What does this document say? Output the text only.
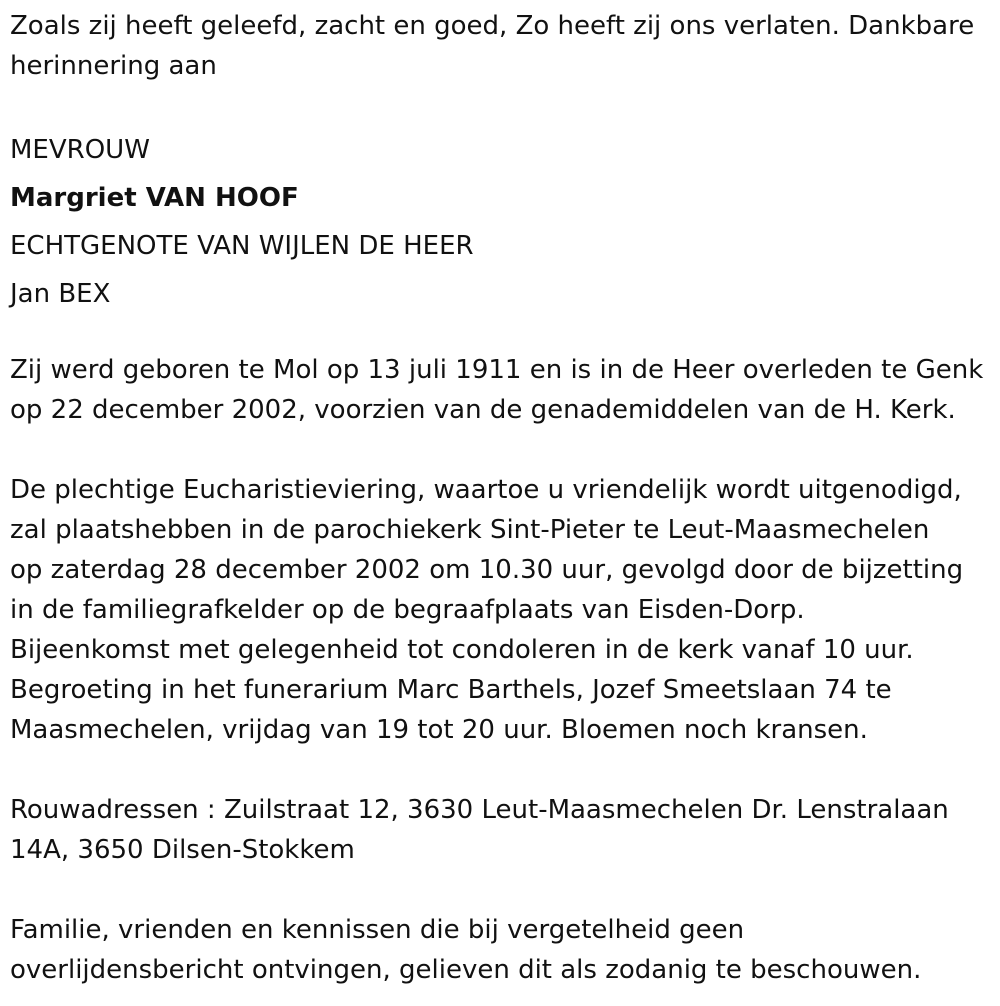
Zoals zij heeft geleefd, zacht en goed, Zo heeft zij ons verlaten. Dankbare
herinnering aan
MEVROUW
Margriet VAN HOOF
ECHTGENOTE VAN WIJLEN DE HEER
Jan BEX
Zij werd geboren te Mol op 13 juli 1911 en is in de Heer overleden te Genk
op 22 december 2002, voorzien van de genademiddelen van de H. Kerk.
De plechtige Eucharistieviering, waartoe u vriendelijk wordt uitgenodigd,
zal plaatshebben in de parochiekerk Sint-Pieter te Leut-Maasmechelen
op zaterdag 28 december 2002 om 10.30 uur, gevolgd door de bijzetting
in de familiegrafkelder op de begraafplaats van Eisden-Dorp.
Bijeenkomst met gelegenheid tot condoleren in de kerk vanaf 10 uur.
Begroeting in het funerarium Marc Barthels, Jozef Smeetslaan 74 te
Maasmechelen, vrijdag van 19 tot 20 uur. Bloemen noch kransen.
Rouwadressen : Zuilstraat 12, 3630 Leut-Maasmechelen Dr. Lenstralaan
14A, 3650 Dilsen-Stokkem
Familie, vrienden en kennissen die bij vergetelheid geen
overlijdensbericht ontvingen, gelieven dit als zodanig te beschouwen.
